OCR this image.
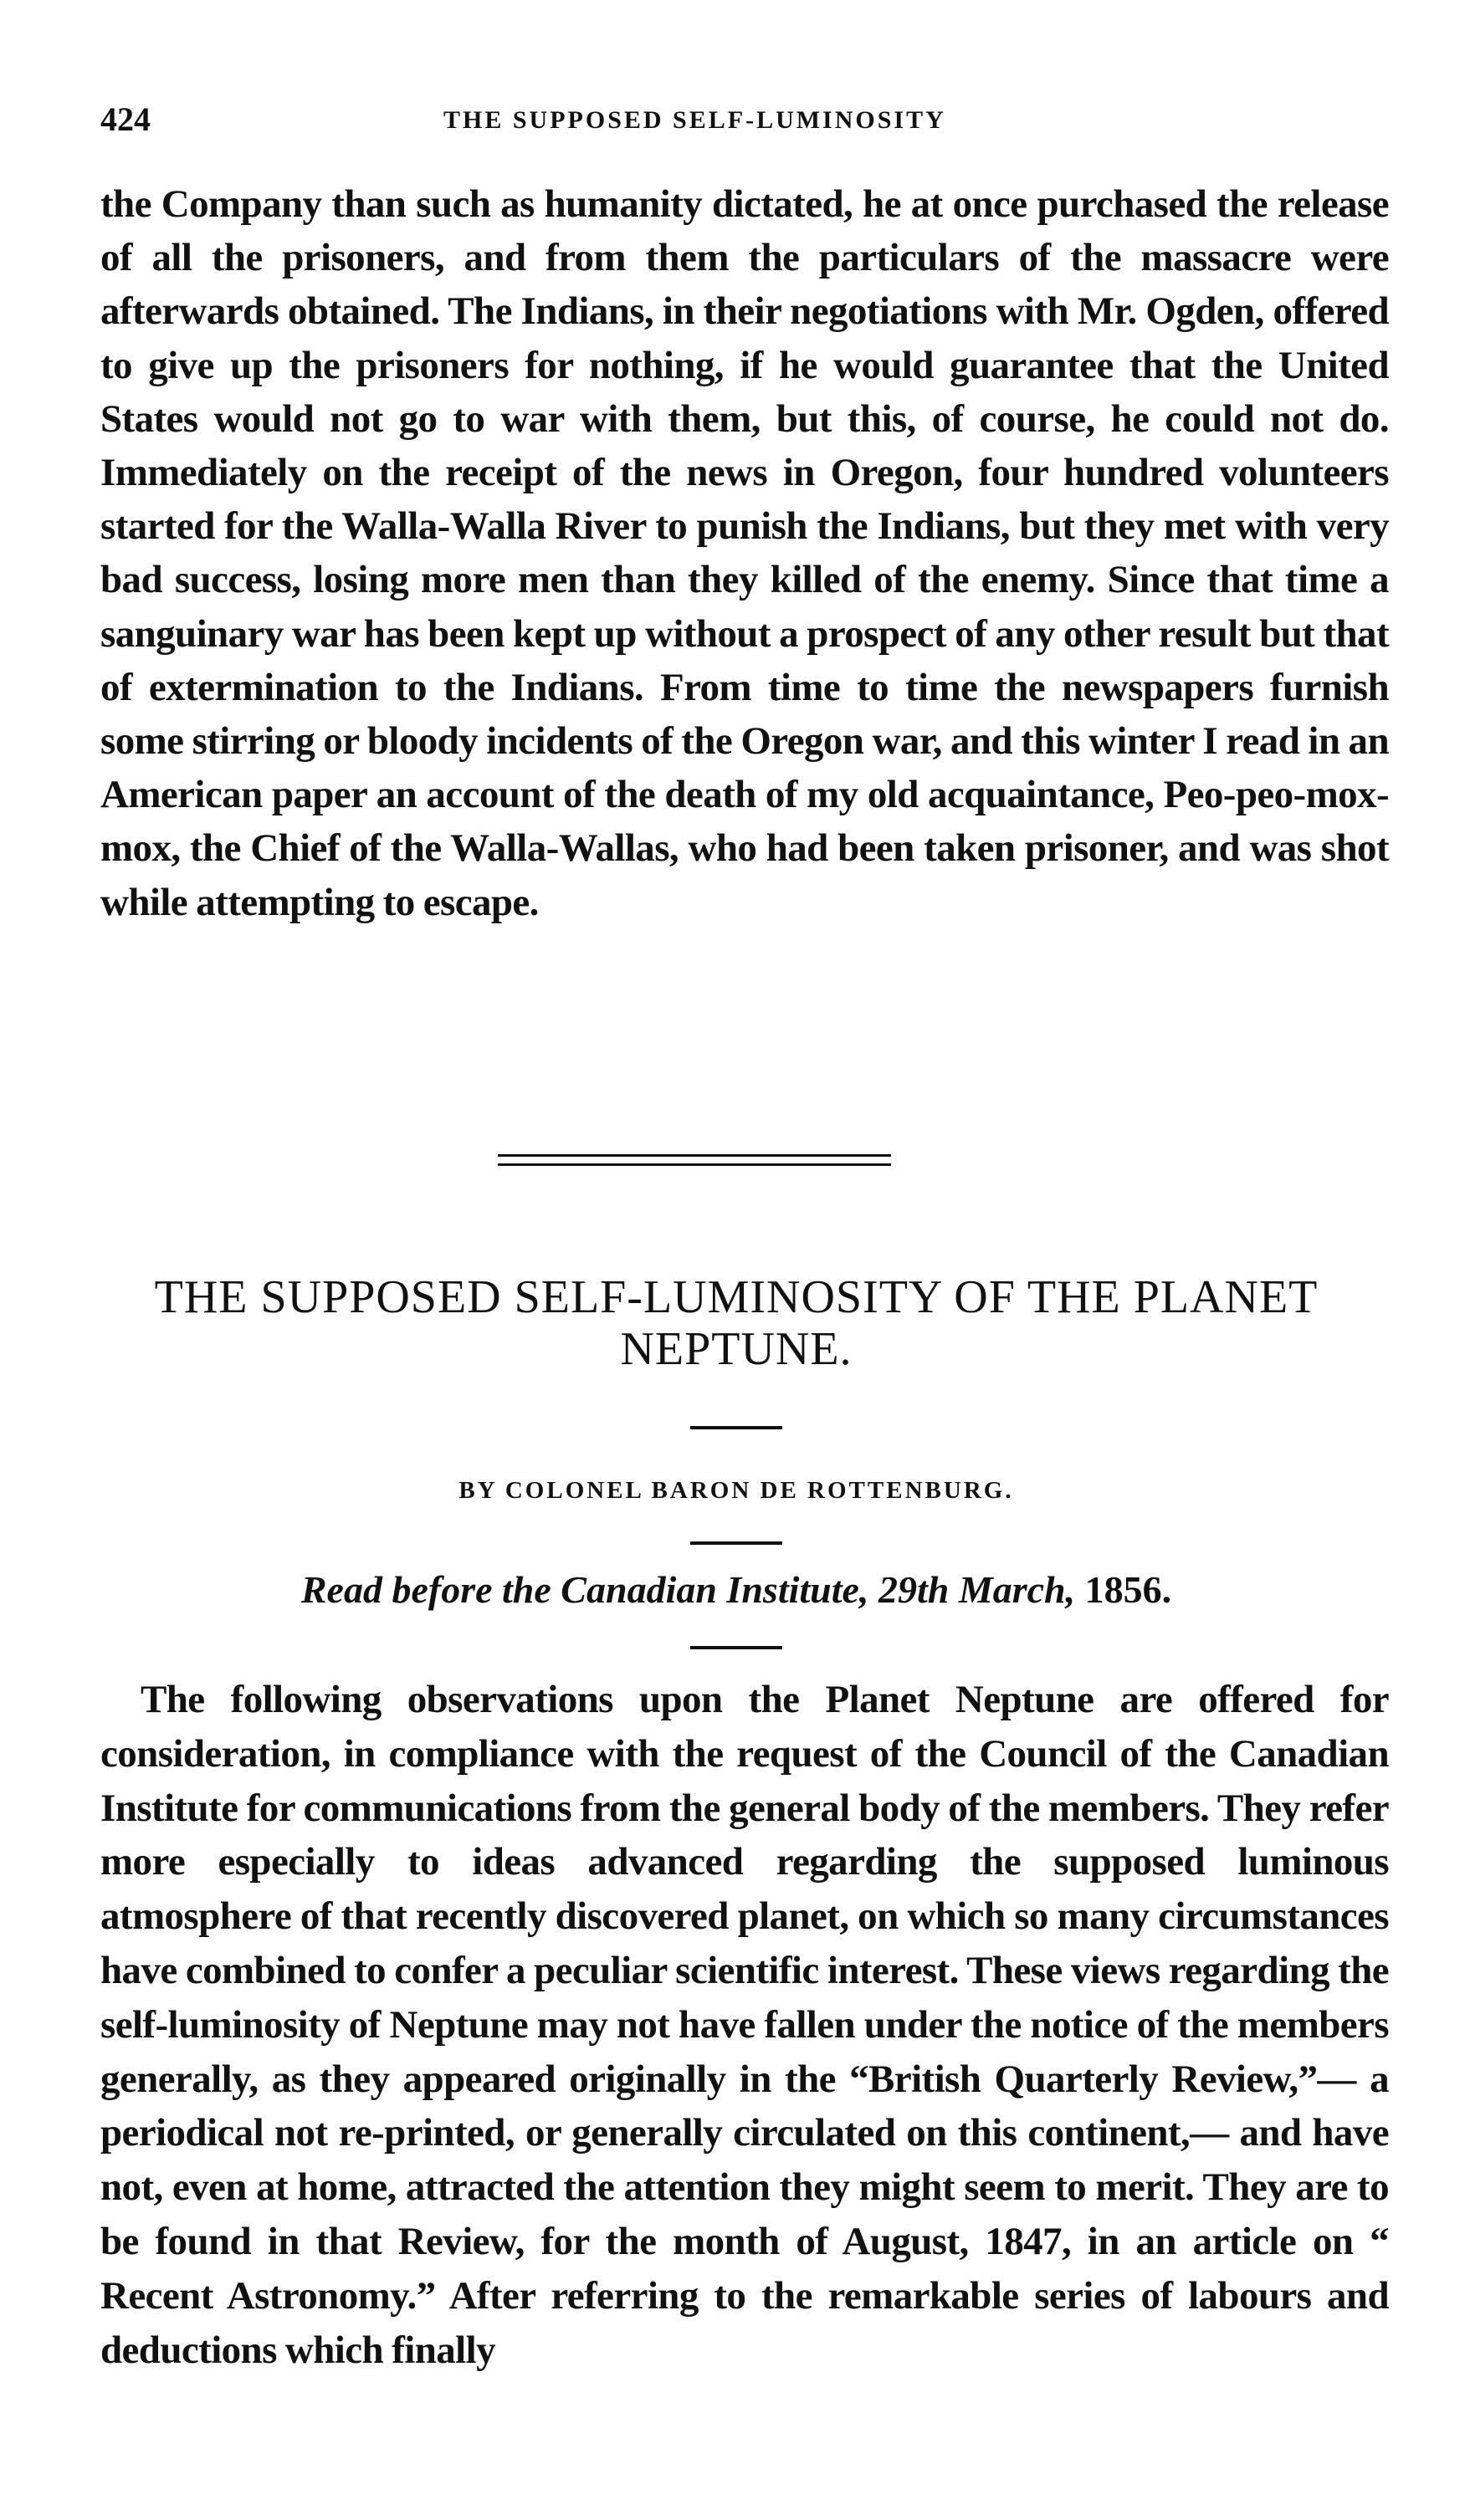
424	THE SUPPOSED SELF-LUMINOSITY

the Company than such as humanity dictated, he at once purchased the release of all the prisoners, and from them the particulars of the massacre were afterwards obtained. The Indians, in their negotiations with Mr. Ogden, offered to give up the prisoners for nothing, if he would guarantee that the United States would not go to war with them, but this, of course, he could not do. Immediately on the receipt of the news in Oregon, four hundred volunteers started for the Walla-Walla River to punish the Indians, but they met with very bad success, losing more men than they killed of the enemy. Since that time a sanguinary war has been kept up without a prospect of any other result but that of extermination to the Indians. From time to time the newspapers furnish some stirring or bloody incidents of the Oregon war, and this winter I read in an American paper an account of the death of my old acquaintance, Peo-peo-mox-mox, the Chief of the Walla-Wallas, who had been taken prisoner, and was shot while attempting to escape.

THE SUPPOSED SELF-LUMINOSITY OF THE PLANET
NEPTUNE.
BY COLONEL BARON DE ROTTENBURG.
Read before the Canadian Institute, 29th March, 1856.

The following observations upon the Planet Neptune are offered for consideration, in compliance with the request of the Council of the Canadian Institute for communications from the general body of the members. They refer more especially to ideas advanced regarding the supposed luminous atmosphere of that recently discovered planet, on which so many circumstances have combined to confer a peculiar scientific interest. These views regarding the self-luminosity of Neptune may not have fallen under the notice of the members generally, as they appeared originally in the “British Quarterly Review,”— a periodical not re-printed, or generally circulated on this continent,— and have not, even at home, attracted the attention they might seem to merit. They are to be found in that Review, for the month of August, 1847, in an article on “ Recent Astronomy.” After referring to the remarkable series of labours and deductions which finally
